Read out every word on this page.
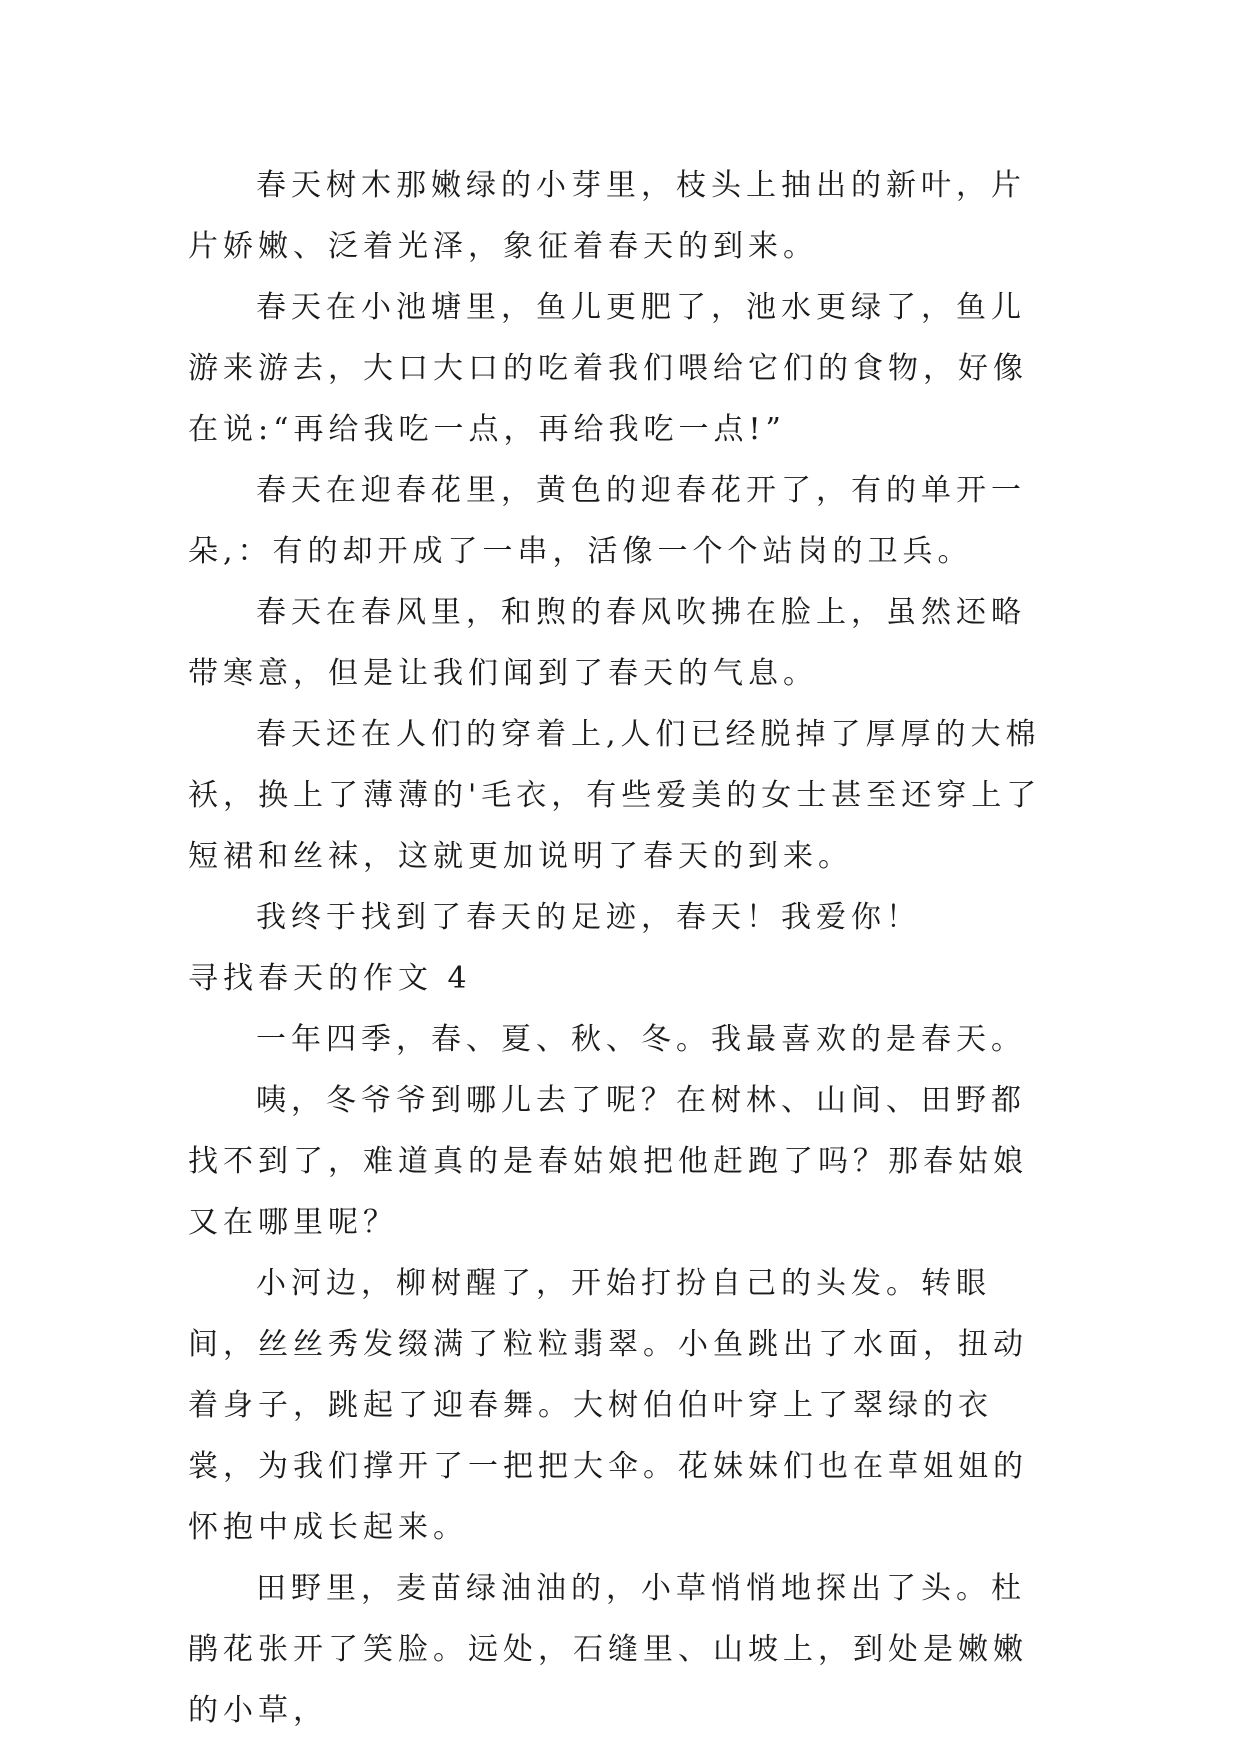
春天树木那嫩绿的小芽里，枝头上抽出的新叶，片片娇嫩、泛着光泽，象征着春天的到来。

春天在小池塘里，鱼儿更肥了，池水更绿了，鱼儿游来游去，大口大口的吃着我们喂给它们的食物，好像在说:“再给我吃一点，再给我吃一点!”

春天在迎春花里，黄色的迎春花开了，有的单开一朵,：有的却开成了一串，活像一个个站岗的卫兵。

春天在春风里，和煦的春风吹拂在脸上，虽然还略带寒意，但是让我们闻到了春天的气息。

春天还在人们的穿着上,人们已经脱掉了厚厚的大棉袄，换上了薄薄的'毛衣，有些爱美的女士甚至还穿上了短裙和丝袜，这就更加说明了春天的到来。

我终于找到了春天的足迹，春天！我爱你！

寻找春天的作文 4

一年四季，春、夏、秋、冬。我最喜欢的是春天。

咦，冬爷爷到哪儿去了呢？在树林、山间、田野都找不到了，难道真的是春姑娘把他赶跑了吗？那春姑娘又在哪里呢？

小河边，柳树醒了，开始打扮自己的头发。转眼间，丝丝秀发缀满了粒粒翡翠。小鱼跳出了水面，扭动着身子，跳起了迎春舞。大树伯伯叶穿上了翠绿的衣裳，为我们撑开了一把把大伞。花妹妹们也在草姐姐的怀抱中成长起来。

田野里，麦苗绿油油的，小草悄悄地探出了头。杜鹃花张开了笑脸。远处，石缝里、山坡上，到处是嫩嫩的小草，
